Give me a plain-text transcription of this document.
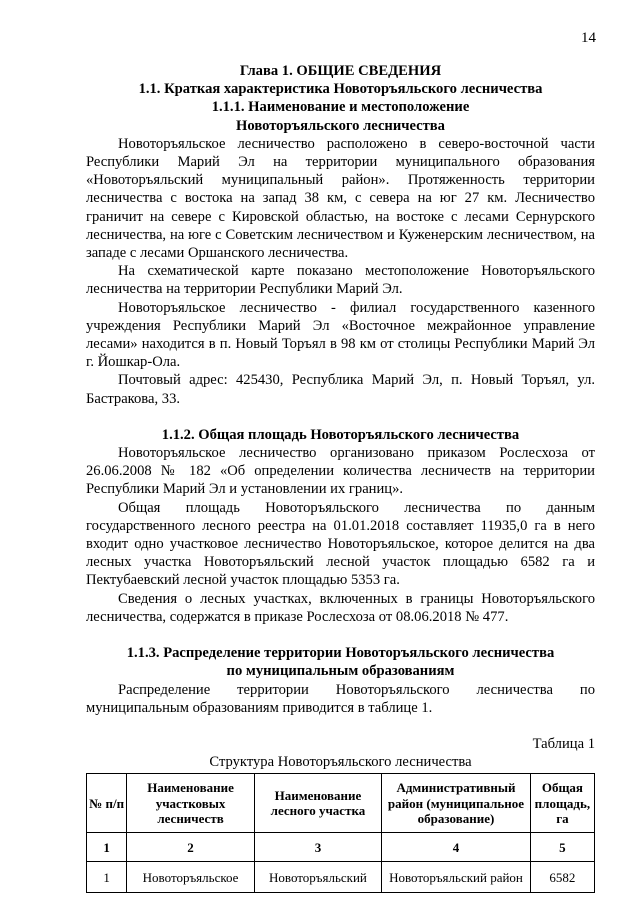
14
Глава 1. ОБЩИЕ СВЕДЕНИЯ
1.1. Краткая характеристика Новоторъяльского лесничества
1.1.1. Наименование и местоположение
Новоторъяльского лесничества

Новоторъяльское лесничество расположено в северо-восточной части Республики Марий Эл на территории муниципального образования «Новоторъяльский муниципальный район». Протяженность территории лесничества с востока на запад 38 км, с севера на юг 27 км. Лесничество граничит на севере с Кировской областью, на востоке с лесами Сернурского лесничества, на юге с Советским лесничеством и Куженерским лесничеством, на западе с лесами Оршанского лесничества.

На схематической карте показано местоположение Новоторъяльского лесничества на территории Республики Марий Эл.

Новоторъяльское лесничество - филиал государственного казенного учреждения Республики Марий Эл «Восточное межрайонное управление лесами» находится в п. Новый Торъял в 98 км от столицы Республики Марий Эл г. Йошкар-Ола.

Почтовый адрес: 425430, Республика Марий Эл, п. Новый Торъял, ул. Бастракова, 33.

1.1.2. Общая площадь Новоторъяльского лесничества

Новоторъяльское лесничество организовано приказом Рослесхоза от 26.06.2008 № 182 «Об определении количества лесничеств на территории Республики Марий Эл и установлении их границ».

Общая площадь Новоторъяльского лесничества по данным государственного лесного реестра на 01.01.2018 составляет 11935,0 га в него входит одно участковое лесничество Новоторъяльское, которое делится на два лесных участка Новоторъяльский лесной участок площадью 6582 га и Пектубаевский лесной участок площадью 5353 га.

Сведения о лесных участках, включенных в границы Новоторъяльского лесничества, содержатся в приказе Рослесхоза от 08.06.2018 № 477.

1.1.3. Распределение территории Новоторъяльского лесничества
по муниципальным образованиям

Распределение территории Новоторъяльского лесничества по муниципальным образованиям приводится в таблице 1.

Таблица 1
Структура Новоторъяльского лесничества
№ п/п	Наименование участковых лесничеств	Наименование лесного участка	Административный район (муниципальное образование)	Общая площадь, га
1	2	3	4	5
1	Новоторъяльское	Новоторъяльский	Новоторъяльский район	6582
